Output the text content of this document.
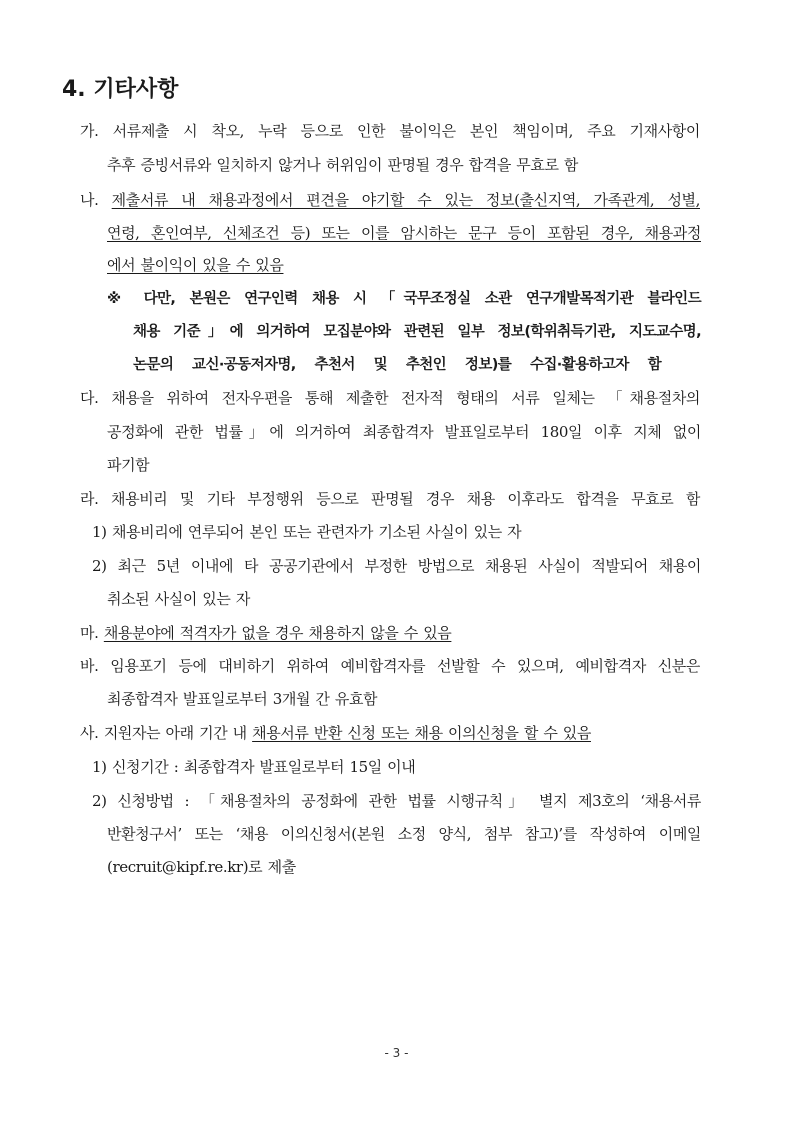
4. 기타사항
가. 서류제출 시 착오, 누락 등으로 인한 불이익은 본인 책임이며, 주요 기재사항이
추후 증빙서류와 일치하지 않거나 허위임이 판명될 경우 합격을 무효로 함
나. 제출서류 내 채용과정에서 편견을 야기할 수 있는 정보(출신지역, 가족관계, 성별,
연령, 혼인여부, 신체조건 등) 또는 이를 암시하는 문구 등이 포함된 경우, 채용과정
에서 불이익이 있을 수 있음
※ 다만, 본원은 연구인력 채용 시 「국무조정실 소관 연구개발목적기관 블라인드
채용 기준」에 의거하여 모집분야와 관련된 일부 정보(학위취득기관, 지도교수명,
논문의 교신·공동저자명, 추천서 및 추천인 정보)를 수집·활용하고자 함
다. 채용을 위하여 전자우편을 통해 제출한 전자적 형태의 서류 일체는 「채용절차의
공정화에 관한 법률」에 의거하여 최종합격자 발표일로부터 180일 이후 지체 없이
파기함
라. 채용비리 및 기타 부정행위 등으로 판명될 경우 채용 이후라도 합격을 무효로 함
1) 채용비리에 연루되어 본인 또는 관련자가 기소된 사실이 있는 자
2) 최근 5년 이내에 타 공공기관에서 부정한 방법으로 채용된 사실이 적발되어 채용이
취소된 사실이 있는 자
마. 채용분야에 적격자가 없을 경우 채용하지 않을 수 있음
바. 임용포기 등에 대비하기 위하여 예비합격자를 선발할 수 있으며, 예비합격자 신분은
최종합격자 발표일로부터 3개월 간 유효함
사. 지원자는 아래 기간 내 채용서류 반환 신청 또는 채용 이의신청을 할 수 있음
1) 신청기간 : 최종합격자 발표일로부터 15일 이내
2) 신청방법 : 「채용절차의 공정화에 관한 법률 시행규칙」 별지 제3호의 ‘채용서류
반환청구서’ 또는 ‘채용 이의신청서(본원 소정 양식, 첨부 참고)’를 작성하여 이메일
(recruit@kipf.re.kr)로 제출
- 3 -
